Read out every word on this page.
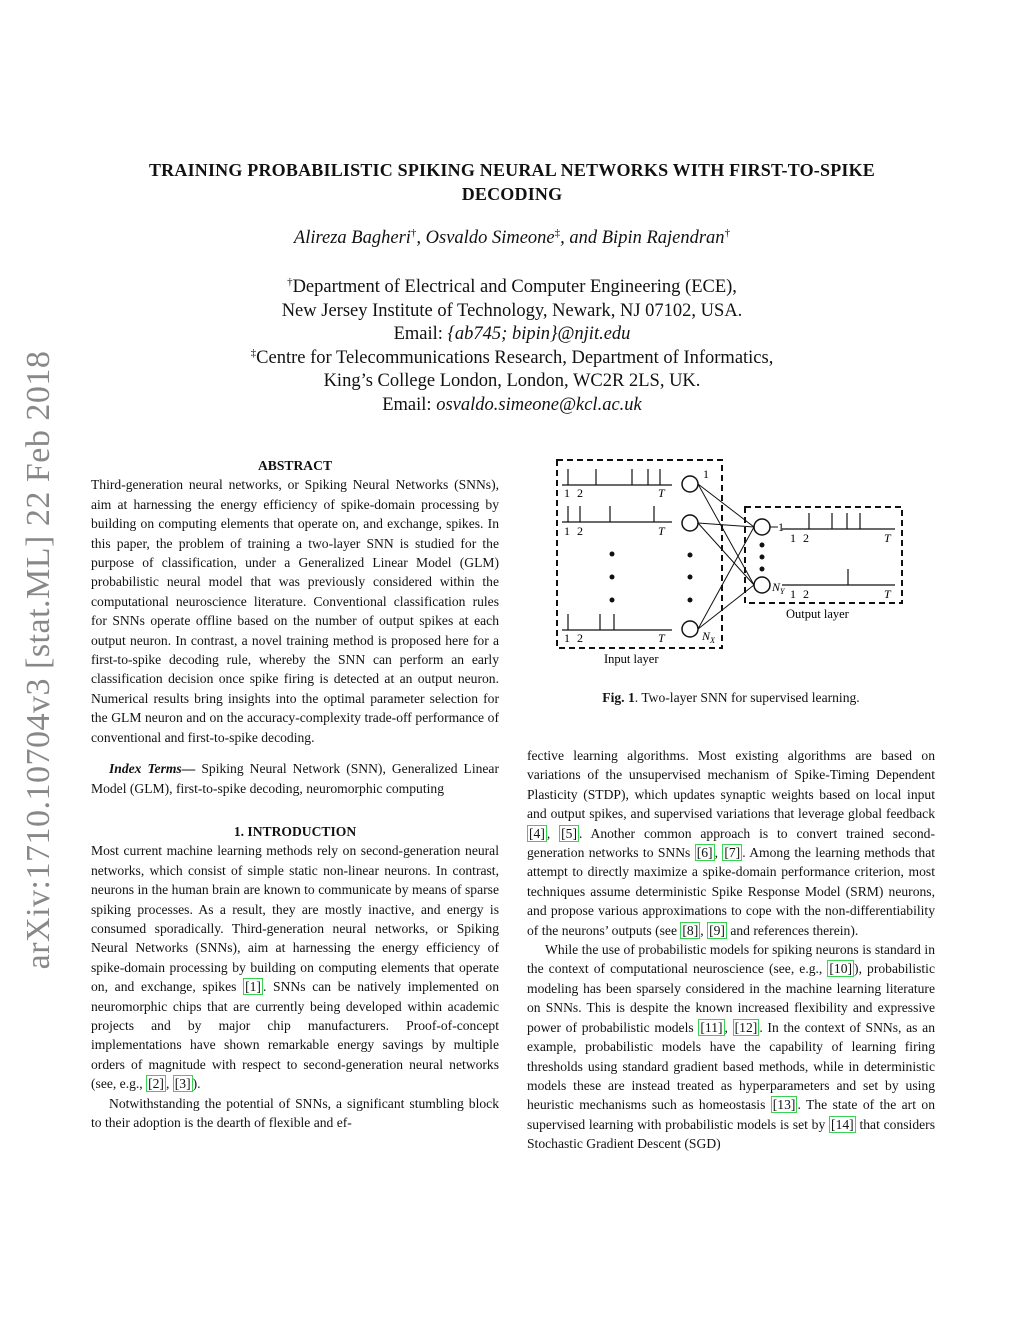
arXiv:1710.10704v3 [stat.ML] 22 Feb 2018
TRAINING PROBABILISTIC SPIKING NEURAL NETWORKS WITH FIRST-TO-SPIKE
DECODING
Alireza Bagheri†, Osvaldo Simeone‡, and Bipin Rajendran†
†Department of Electrical and Computer Engineering (ECE),
New Jersey Institute of Technology, Newark, NJ 07102, USA.
Email: {ab745; bipin}@njit.edu
‡Centre for Telecommunications Research, Department of Informatics,
King’s College London, London, WC2R 2LS, UK.
Email: osvaldo.simeone@kcl.ac.uk
ABSTRACT

Third-generation neural networks, or Spiking Neural Networks (SNNs), aim at harnessing the energy efficiency of spike-domain processing by building on computing elements that operate on, and exchange, spikes. In this paper, the problem of training a two-layer SNN is studied for the purpose of classification, under a Generalized Linear Model (GLM) probabilistic neural model that was previously considered within the computational neuroscience literature. Conventional classification rules for SNNs operate offline based on the number of output spikes at each output neuron. In contrast, a novel training method is proposed here for a first-to-spike decoding rule, whereby the SNN can perform an early classification decision once spike firing is detected at an output neuron. Numerical results bring insights into the optimal parameter selection for the GLM neuron and on the accuracy-complexity trade-off performance of conventional and first-to-spike decoding.

Index Terms— Spiking Neural Network (SNN), Generalized Linear Model (GLM), first-to-spike decoding, neuromorphic computing

1. INTRODUCTION

Most current machine learning methods rely on second-generation neural networks, which consist of simple static non-linear neurons. In contrast, neurons in the human brain are known to communicate by means of sparse spiking processes. As a result, they are mostly inactive, and energy is consumed sporadically. Third-generation neural networks, or Spiking Neural Networks (SNNs), aim at harnessing the energy efficiency of spike-domain processing by building on computing elements that operate on, and exchange, spikes [1] . SNNs can be natively implemented on neuromorphic chips that are currently being developed within academic projects and by major chip manufacturers. Proof-of-concept implementations have shown remarkable energy savings by multiple orders of magnitude with respect to second-generation neural networks (see, e.g., [2] , [3] ).

Notwithstanding the potential of SNNs, a significant stumbling block to their adoption is the dearth of flexible and ef-

1 2	T
1 2	T
1 2	T
1
$N_X$
$N_Y$
1
1 2	T
1 2	T
Output layer
Input layer
Fig. 1. Two-layer SNN for supervised learning.

fective learning algorithms. Most existing algorithms are based on variations of the unsupervised mechanism of Spike-Timing Dependent Plasticity (STDP), which updates synaptic weights based on local input and output spikes, and supervised variations that leverage global feedback [4] , [5] . Another common approach is to convert trained second-generation networks to SNNs [6] , [7] . Among the learning methods that attempt to directly maximize a spike-domain performance criterion, most techniques assume deterministic Spike Response Model (SRM) neurons, and propose various approximations to cope with the non-differentiability of the neurons’ outputs (see [8] , [9] and references therein).

While the use of probabilistic models for spiking neurons is standard in the context of computational neuroscience (see, e.g., [10] ), probabilistic modeling has been sparsely considered in the machine learning literature on SNNs. This is despite the known increased flexibility and expressive power of probabilistic models [11] , [12] . In the context of SNNs, as an example, probabilistic models have the capability of learning firing thresholds using standard gradient based methods, while in deterministic models these are instead treated as hyperparameters and set by using heuristic mechanisms such as homeostasis [13] . The state of the art on supervised learning with probabilistic models is set by [14] that considers Stochastic Gradient Descent (SGD)
